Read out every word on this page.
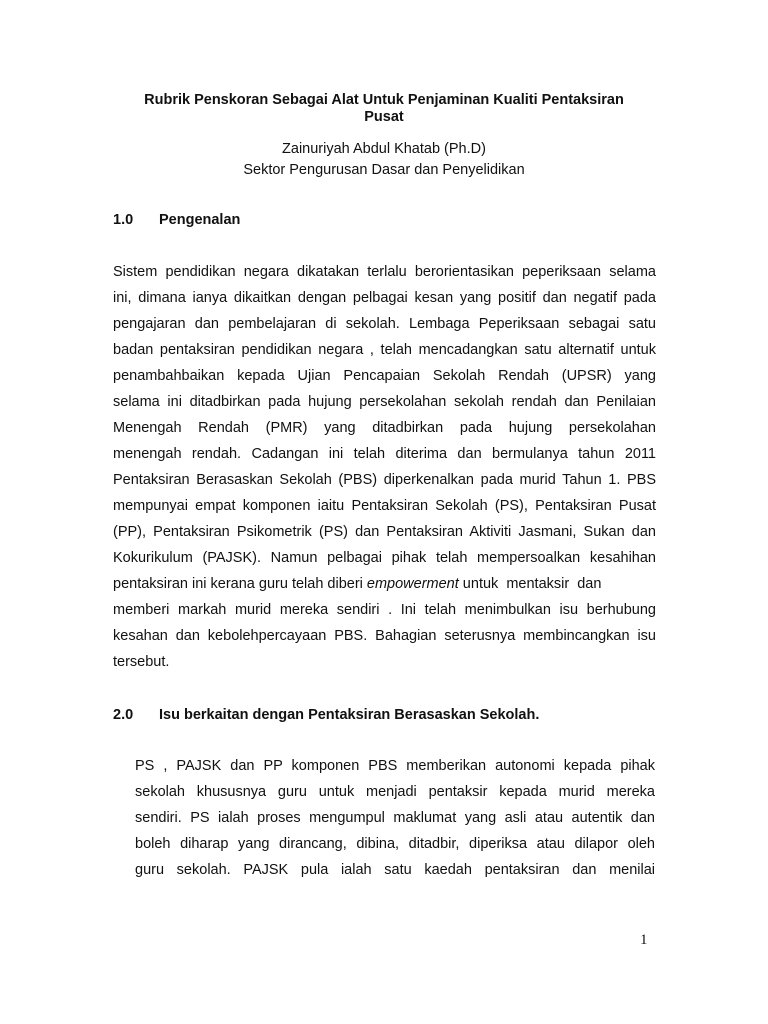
Rubrik Penskoran Sebagai Alat Untuk Penjaminan Kualiti Pentaksiran
Pusat
Zainuriyah Abdul Khatab (Ph.D)
Sektor Pengurusan Dasar dan Penyelidikan
1.0 Pengenalan
Sistem pendidikan negara dikatakan terlalu berorientasikan peperiksaan selama
ini, dimana ianya dikaitkan dengan pelbagai kesan yang positif dan negatif pada
pengajaran dan pembelajaran di sekolah. Lembaga Peperiksaan sebagai satu
badan pentaksiran pendidikan negara , telah mencadangkan satu alternatif untuk
penambahbaikan kepada Ujian Pencapaian Sekolah Rendah (UPSR) yang
selama ini ditadbirkan pada hujung persekolahan sekolah rendah dan Penilaian
Menengah Rendah (PMR) yang ditadbirkan pada hujung persekolahan
menengah rendah. Cadangan ini telah diterima dan bermulanya tahun 2011
Pentaksiran Berasaskan Sekolah (PBS) diperkenalkan pada murid Tahun 1. PBS
mempunyai empat komponen iaitu Pentaksiran Sekolah (PS), Pentaksiran Pusat
(PP), Pentaksiran Psikometrik (PS) dan Pentaksiran Aktiviti Jasmani, Sukan dan
Kokurikulum (PAJSK). Namun pelbagai pihak telah mempersoalkan kesahihan
pentaksiran ini kerana guru telah diberi empowerment untuk  mentaksir  dan
memberi markah murid mereka sendiri . Ini telah menimbulkan isu berhubung
kesahan dan kebolehpercayaan PBS. Bahagian seterusnya membincangkan isu
tersebut.
2.0 Isu berkaitan dengan Pentaksiran Berasaskan Sekolah.
PS , PAJSK dan PP komponen PBS memberikan autonomi kepada pihak
sekolah khususnya guru untuk menjadi pentaksir kepada murid mereka
sendiri. PS ialah proses mengumpul maklumat yang asli atau autentik dan
boleh diharap yang dirancang, dibina, ditadbir, diperiksa atau dilapor oleh
guru sekolah. PAJSK pula ialah satu kaedah pentaksiran dan menilai
1
